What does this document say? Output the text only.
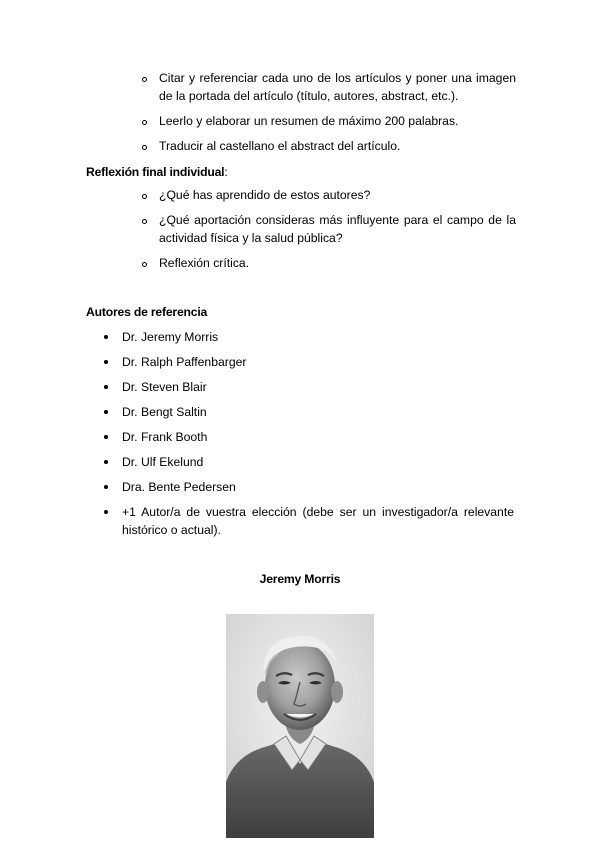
Citar y referenciar cada uno de los artículos y poner una imagen de la portada del artículo (título, autores, abstract, etc.).
Leerlo y elaborar un resumen de máximo 200 palabras.
Traducir al castellano el abstract del artículo.
Reflexión final individual:
¿Qué has aprendido de estos autores?
¿Qué aportación consideras más influyente para el campo de la actividad física y la salud pública?
Reflexión crítica.
Autores de referencia
Dr. Jeremy Morris
Dr. Ralph Paffenbarger
Dr. Steven Blair
Dr. Bengt Saltin
Dr. Frank Booth
Dr. Ulf Ekelund
Dra. Bente Pedersen
+1 Autor/a de vuestra elección (debe ser un investigador/a relevante histórico o actual).
Jeremy Morris
